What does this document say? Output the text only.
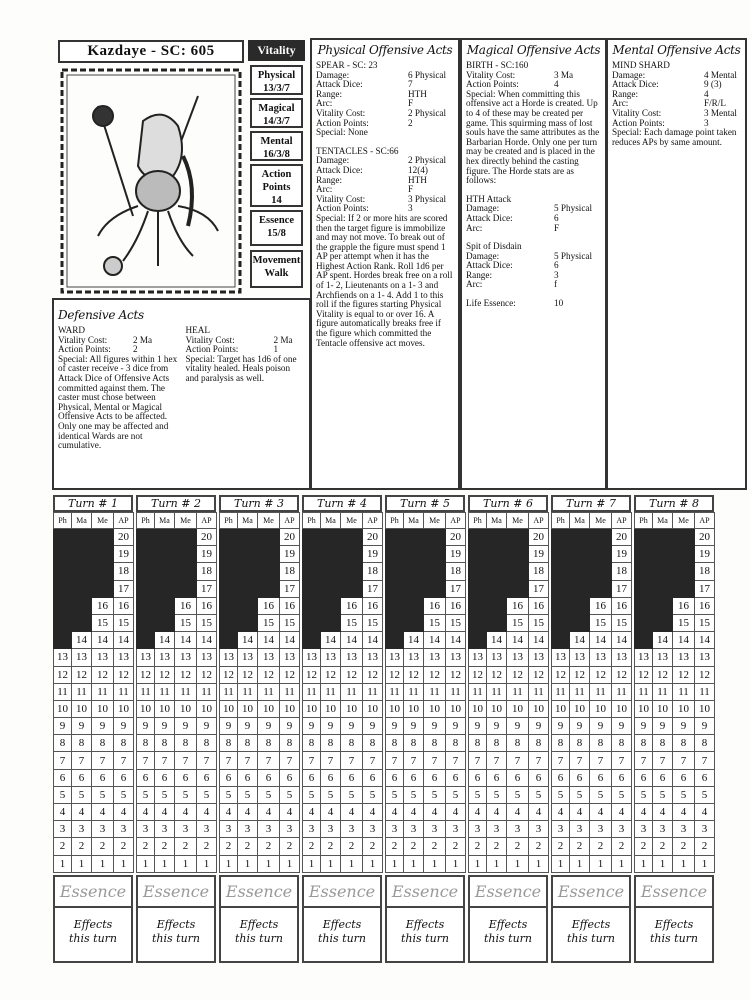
Kazdaye - SC: 605	Vitality
Physical
13/3/7
Magical
14/3/7
Mental
16/3/8
Action Points
14
Essence
15/8
Movement
Walk
Defensive Acts
WARD
Vitality Cost:	2 Ma
Action Points:	2
Special: All figures within 1 hex of caster receive - 3 dice from Attack Dice of Offensive Acts committed against them. The caster must chose between Physical, Mental or Magical Offensive Acts to be affected. Only one may be affected and identical Wards are not cumulative.
HEAL
Vitality Cost:	2 Ma
Action Points:	1
Special: Target has 1d6 of one vitality healed. Heals poison and paralysis as well.
Physical Offensive Acts
SPEAR - SC: 23
Damage:	6 Physical
Attack Dice:	7
Range:	HTH
Arc:	F
Vitality Cost:	2 Physical
Action Points:	2
Special: None
TENTACLES - SC:66
Damage:	2 Physical
Attack Dice:	12(4)
Range:	HTH
Arc:	F
Vitality Cost:	3 Physical
Action Points:	3
Special: If 2 or more hits are scored then the target figure is immobilize and may not move. To break out of the grapple the figure must spend 1 AP per attempt when it has the Highest Action Rank. Roll 1d6 per AP spent. Hordes break free on a roll of 1- 2, Lieutenants on a 1- 3 and Archfiends on a 1- 4. Add 1 to this roll if the figures starting Physical Vitality is equal to or over 16. A figure automatically breaks free if the figure which committed the Tentacle offensive act moves.
Magical Offensive Acts
BIRTH - SC:160
Vitality Cost:	3 Ma
Action Points:	4
Special: When committing this offensive act a Horde is created. Up to 4 of these may be created per game. This squirming mass of lost souls have the same attributes as the Barbarian Horde. Only one per turn may be created and is placed in the hex directly behind the casting figure. The Horde stats are as follows:
HTH Attack
Damage:	5 Physical
Attack Dice:	6
Arc:	F
Spit of Disdain
Damage:	5 Physical
Attack Dice:	6
Range:	3
Arc:	f
Life Essence:	10
Mental Offensive Acts
MIND SHARD
Damage:	4 Mental
Attack Dice:	9 (3)
Range:	4
Arc:	F/R/L
Vitality Cost:	3 Mental
Action Points:	3
Special: Each damage point taken reduces APs by same amount.
Turn # 1
Ph	Ma	Me	AP
			20
			19
			18
			17
		16	16
		15	15
	14	14	14
13	13	13	13
12	12	12	12
11	11	11	11
10	10	10	10
9	9	9	9
8	8	8	8
7	7	7	7
6	6	6	6
5	5	5	5
4	4	4	4
3	3	3	3
2	2	2	2
1	1	1	1
Essence
Effects this turn
Turn # 2
Ph	Ma	Me	AP
			20
			19
			18
			17
		16	16
		15	15
	14	14	14
13	13	13	13
12	12	12	12
11	11	11	11
10	10	10	10
9	9	9	9
8	8	8	8
7	7	7	7
6	6	6	6
5	5	5	5
4	4	4	4
3	3	3	3
2	2	2	2
1	1	1	1
Essence
Effects this turn
Turn # 3
Ph	Ma	Me	AP
			20
			19
			18
			17
		16	16
		15	15
	14	14	14
13	13	13	13
12	12	12	12
11	11	11	11
10	10	10	10
9	9	9	9
8	8	8	8
7	7	7	7
6	6	6	6
5	5	5	5
4	4	4	4
3	3	3	3
2	2	2	2
1	1	1	1
Essence
Effects this turn
Turn # 4
Ph	Ma	Me	AP
			20
			19
			18
			17
		16	16
		15	15
	14	14	14
13	13	13	13
12	12	12	12
11	11	11	11
10	10	10	10
9	9	9	9
8	8	8	8
7	7	7	7
6	6	6	6
5	5	5	5
4	4	4	4
3	3	3	3
2	2	2	2
1	1	1	1
Essence
Effects this turn
Turn # 5
Ph	Ma	Me	AP
			20
			19
			18
			17
		16	16
		15	15
	14	14	14
13	13	13	13
12	12	12	12
11	11	11	11
10	10	10	10
9	9	9	9
8	8	8	8
7	7	7	7
6	6	6	6
5	5	5	5
4	4	4	4
3	3	3	3
2	2	2	2
1	1	1	1
Essence
Effects this turn
Turn # 6
Ph	Ma	Me	AP
			20
			19
			18
			17
		16	16
		15	15
	14	14	14
13	13	13	13
12	12	12	12
11	11	11	11
10	10	10	10
9	9	9	9
8	8	8	8
7	7	7	7
6	6	6	6
5	5	5	5
4	4	4	4
3	3	3	3
2	2	2	2
1	1	1	1
Essence
Effects this turn
Turn # 7
Ph	Ma	Me	AP
			20
			19
			18
			17
		16	16
		15	15
	14	14	14
13	13	13	13
12	12	12	12
11	11	11	11
10	10	10	10
9	9	9	9
8	8	8	8
7	7	7	7
6	6	6	6
5	5	5	5
4	4	4	4
3	3	3	3
2	2	2	2
1	1	1	1
Essence
Effects this turn
Turn # 8
Ph	Ma	Me	AP
			20
			19
			18
			17
		16	16
		15	15
	14	14	14
13	13	13	13
12	12	12	12
11	11	11	11
10	10	10	10
9	9	9	9
8	8	8	8
7	7	7	7
6	6	6	6
5	5	5	5
4	4	4	4
3	3	3	3
2	2	2	2
1	1	1	1
Essence
Effects this turn
